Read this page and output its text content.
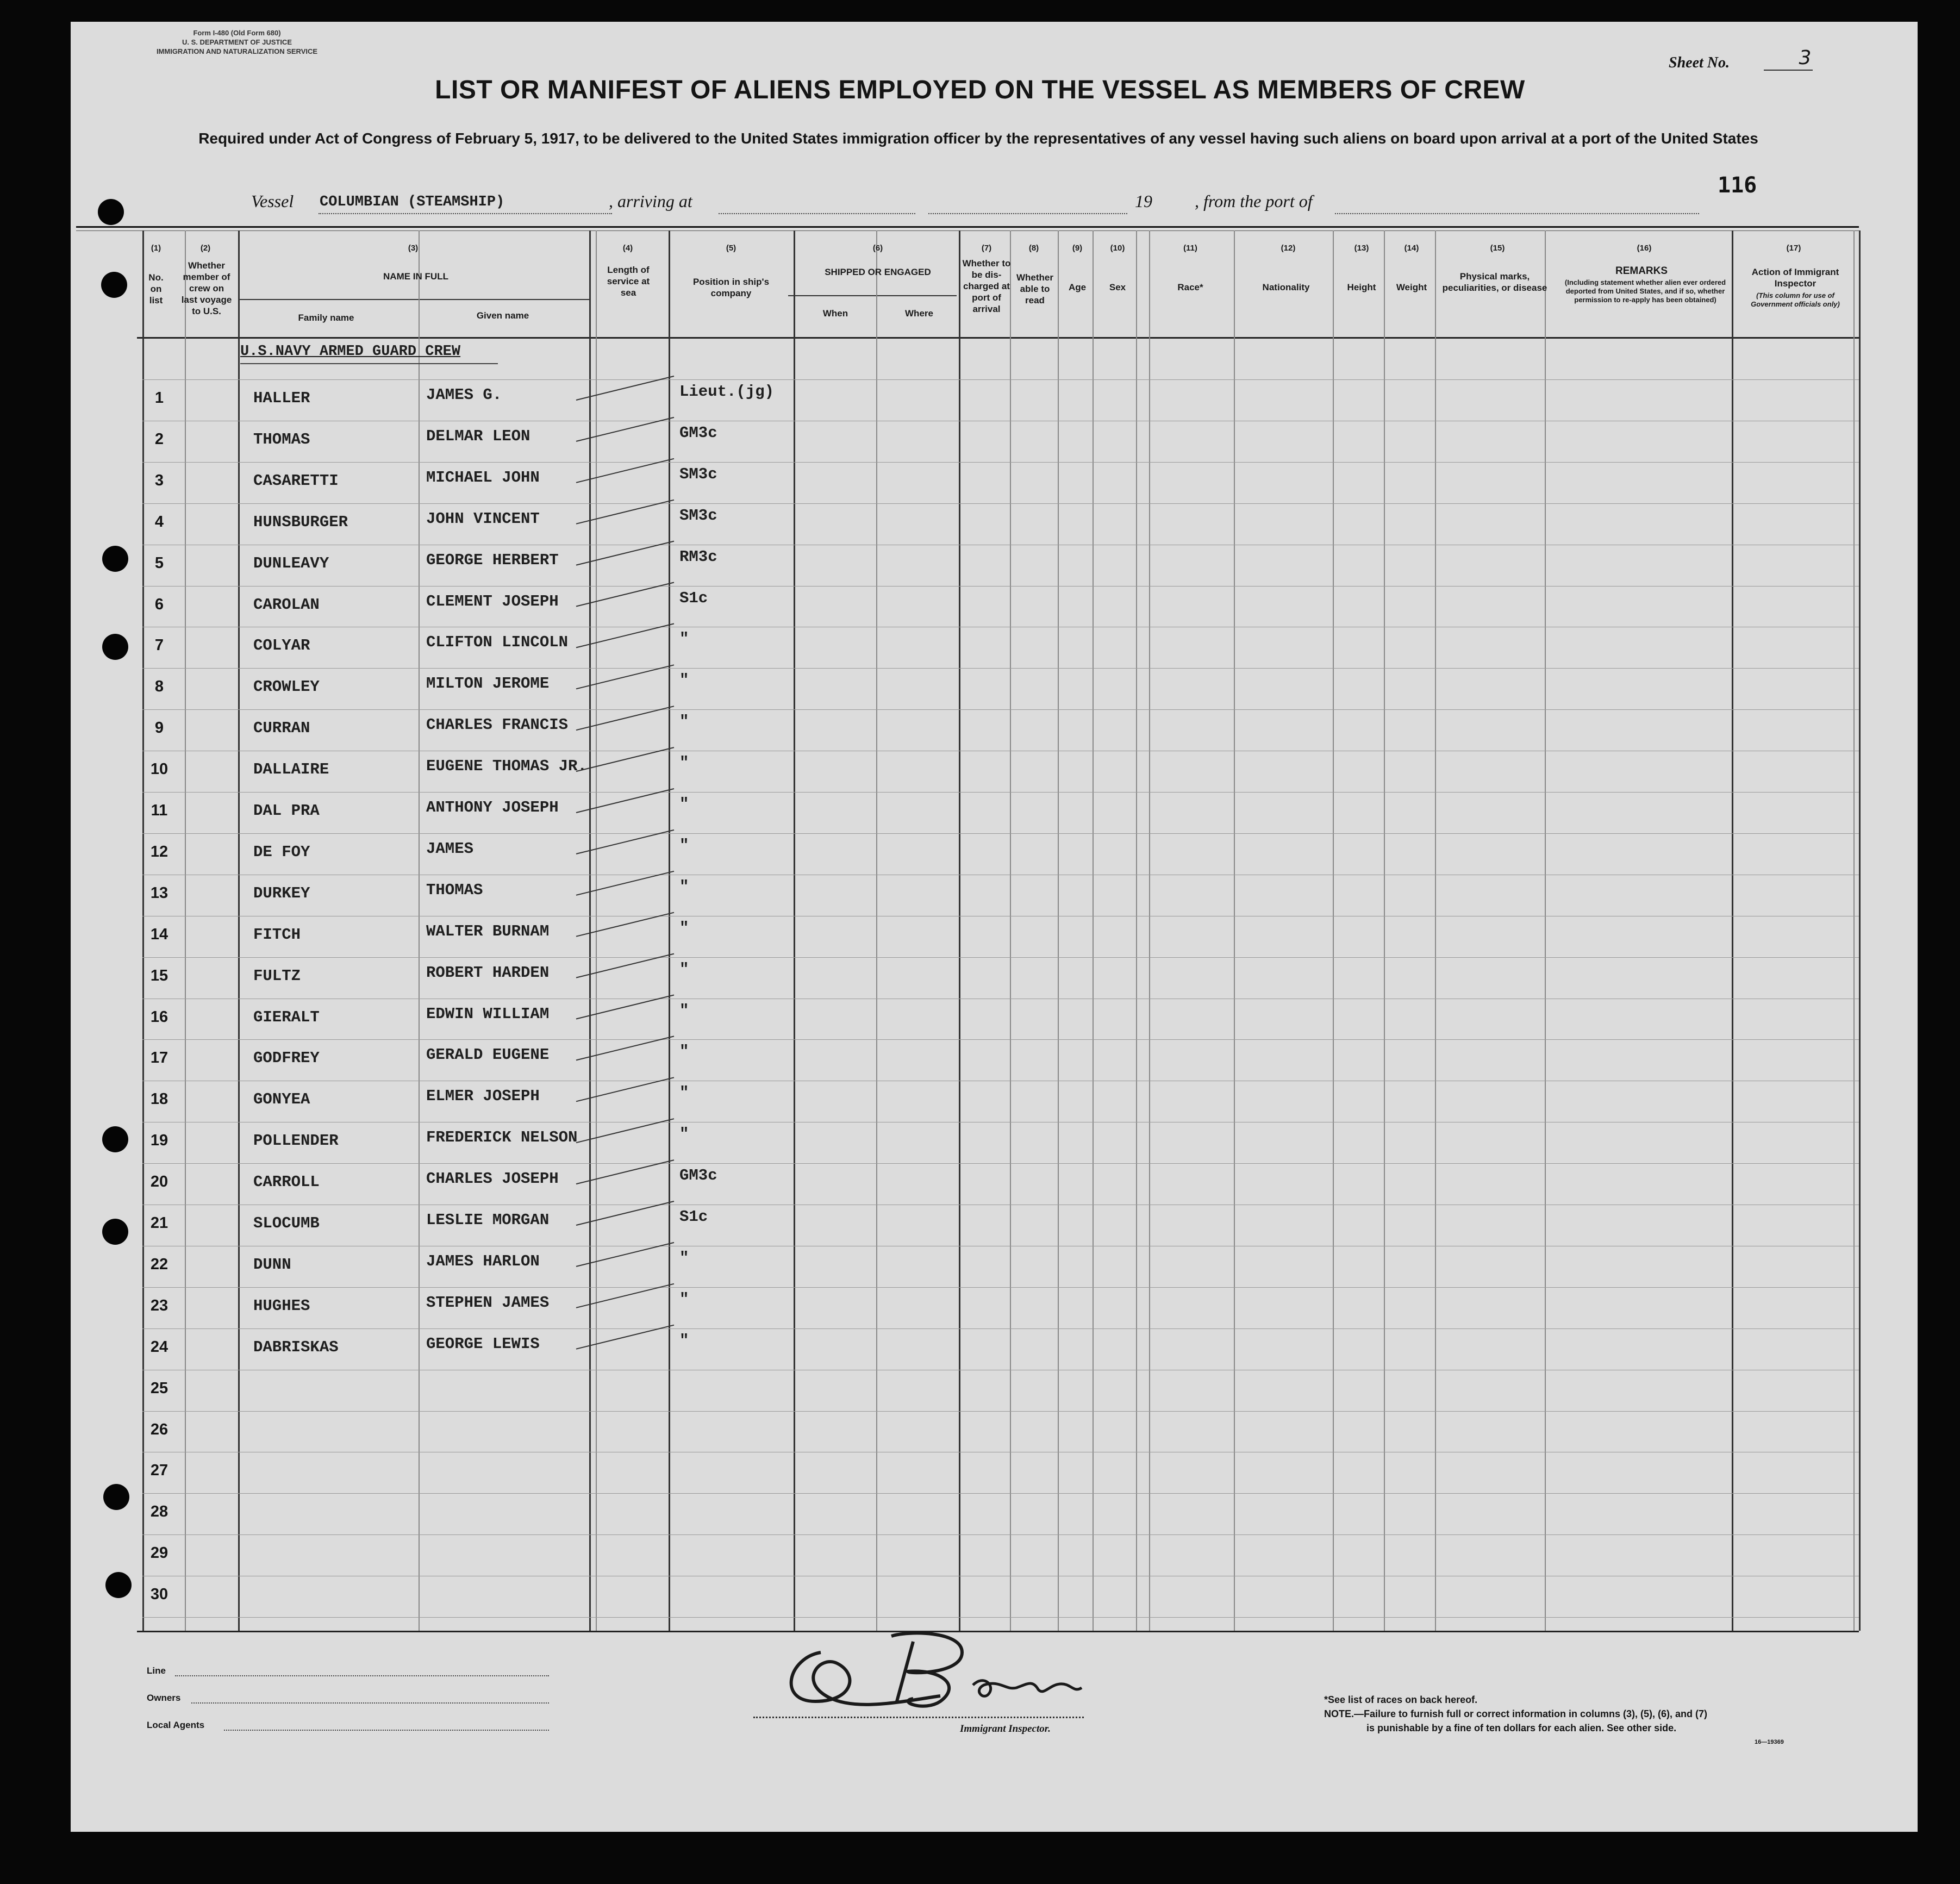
Form I-480 (Old Form 680)
U. S. DEPARTMENT OF JUSTICE
IMMIGRATION AND NATURALIZATION SERVICE
Sheet No.	3
LIST OR MANIFEST OF ALIENS EMPLOYED ON THE VESSEL AS MEMBERS OF CREW
Required under Act of Congress of February 5, 1917, to be delivered to the United States immigration officer by the representatives of any vessel having such aliens on board upon arrival at a port of the United States
Vessel COLUMBIAN (STEAMSHIP)	, arriving at	19 , from the port of
116
(1)
No. on list
(2)
Whether member of crew on last voyage to U.S.
(3)
NAME IN FULL
Family name	Given name
(4)
Length of service at sea
(5)
Position in ship's company
(6)
SHIPPED OR ENGAGED
When	Where
(7)
Whether to be dis-charged at port of arrival
(8)
Whether able to read
(9)
Age
(10)
Sex
(11)
Race*
(12)
Nationality
(13)
Height
(14)
Weight
(15)
Physical marks, peculiarities, or disease
(16)
REMARKS
(Including statement whether alien ever ordered deported from United States, and if so, whether permission to re-apply has been obtained)
(17)
Action of Immigrant Inspector
(This column for use of Government officials only)
U.S.NAVY ARMED GUARD CREW
1	HALLER	JAMES G.	Lieut.(jg)
2	THOMAS	DELMAR LEON	GM3c
3	CASARETTI	MICHAEL JOHN	SM3c
4	HUNSBURGER	JOHN VINCENT	SM3c
5	DUNLEAVY	GEORGE HERBERT	RM3c
6	CAROLAN	CLEMENT JOSEPH	S1c
7	COLYAR	CLIFTON LINCOLN	"
8	CROWLEY	MILTON JEROME	"
9	CURRAN	CHARLES FRANCIS	"
10	DALLAIRE	EUGENE THOMAS JR.	"
11	DAL PRA	ANTHONY JOSEPH	"
12	DE FOY	JAMES	"
13	DURKEY	THOMAS	"
14	FITCH	WALTER BURNAM	"
15	FULTZ	ROBERT HARDEN	"
16	GIERALT	EDWIN WILLIAM	"
17	GODFREY	GERALD EUGENE	"
18	GONYEA	ELMER JOSEPH	"
19	POLLENDER	FREDERICK NELSON	"
20	CARROLL	CHARLES JOSEPH	GM3c
21	SLOCUMB	LESLIE MORGAN	S1c
22	DUNN	JAMES HARLON	"
23	HUGHES	STEPHEN JAMES	"
24	DABRISKAS	GEORGE LEWIS	"
25
26
27
28
29
30
Line
Owners
Local Agents	Immigrant Inspector.
*See list of races on back hereof.
NOTE.—Failure to furnish full or correct information in columns (3), (5), (6), and (7)
is punishable by a fine of ten dollars for each alien. See other side.
16—19369
